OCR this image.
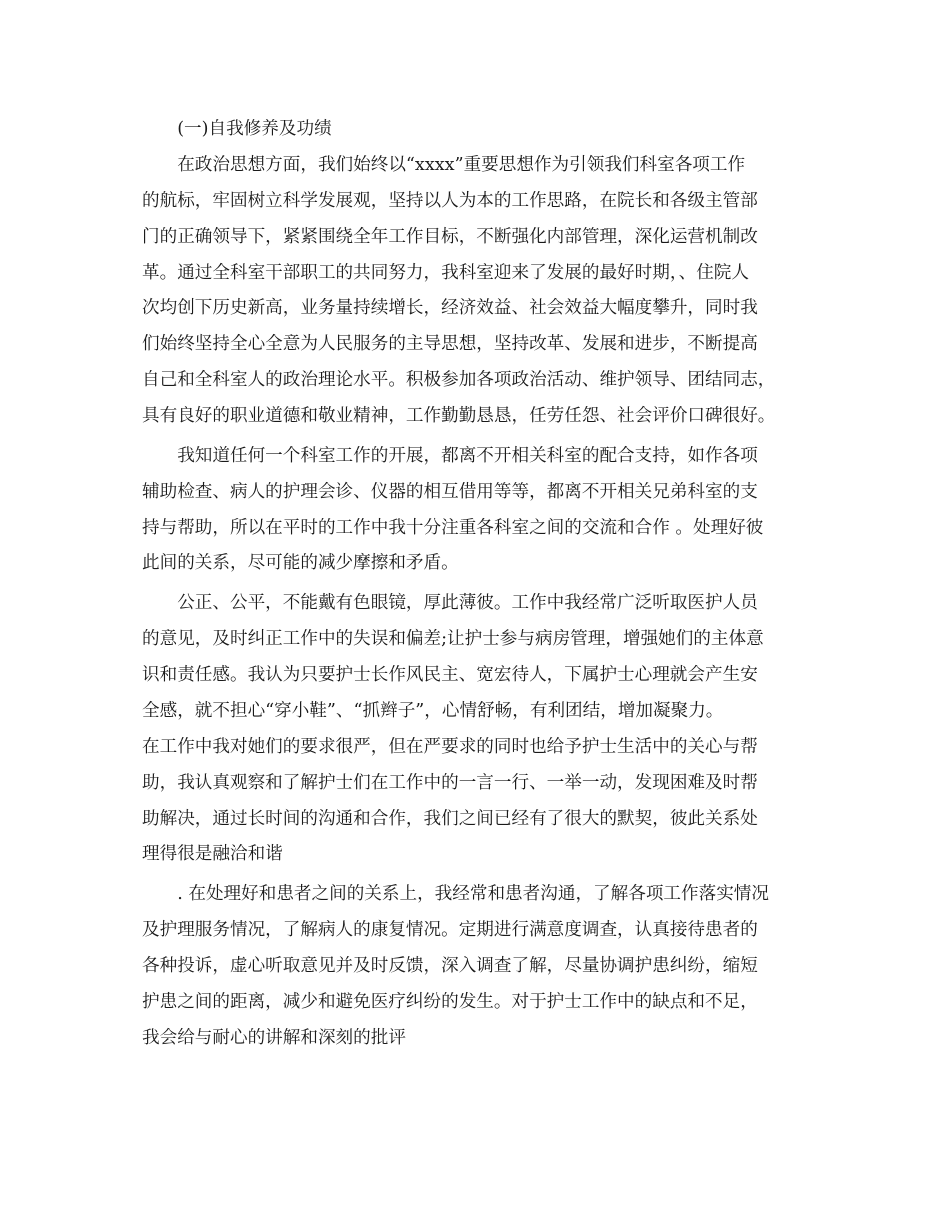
　　(一)自我修养及功绩
　　在政治思想方面，我们始终以“xxxx”重要思想作为引领我们科室各项工作
的航标，牢固树立科学发展观，坚持以人为本的工作思路，在院长和各级主管部
门的正确领导下，紧紧围绕全年工作目标，不断强化内部管理，深化运营机制改
革。通过全科室干部职工的共同努力，我科室迎来了发展的最好时期，、住院人
次均创下历史新高，业务量持续增长，经济效益、社会效益大幅度攀升，同时我
们始终坚持全心全意为人民服务的主导思想，坚持改革、发展和进步，不断提高
自己和全科室人的政治理论水平。积极参加各项政治活动、维护领导、团结同志，
具有良好的职业道德和敬业精神，工作勤勤恳恳，任劳任怨、社会评价口碑很好。
　　我知道任何一个科室工作的开展，都离不开相关科室的配合支持，如作各项
辅助检查、病人的护理会诊、仪器的相互借用等等，都离不开相关兄弟科室的支
持与帮助，所以在平时的工作中我十分注重各科室之间的交流和合作 。处理好彼
此间的关系，尽可能的减少摩擦和矛盾。
　　公正、公平，不能戴有色眼镜，厚此薄彼。工作中我经常广泛听取医护人员
的意见，及时纠正工作中的失误和偏差;让护士参与病房管理，增强她们的主体意
识和责任感。我认为只要护士长作风民主、宽宏待人，下属护士心理就会产生安
全感，就不担心“穿小鞋”、“抓辫子”，心情舒畅，有利团结，增加凝聚力。
在工作中我对她们的要求很严，但在严要求的同时也给予护士生活中的关心与帮
助，我认真观察和了解护士们在工作中的一言一行、一举一动，发现困难及时帮
助解决，通过长时间的沟通和合作，我们之间已经有了很大的默契，彼此关系处
理得很是融洽和谐
　　. 在处理好和患者之间的关系上，我经常和患者沟通，了解各项工作落实情况
及护理服务情况，了解病人的康复情况。定期进行满意度调查，认真接待患者的
各种投诉，虚心听取意见并及时反馈，深入调查了解，尽量协调护患纠纷，缩短
护患之间的距离，减少和避免医疗纠纷的发生。对于护士工作中的缺点和不足，
我会给与耐心的讲解和深刻的批评
